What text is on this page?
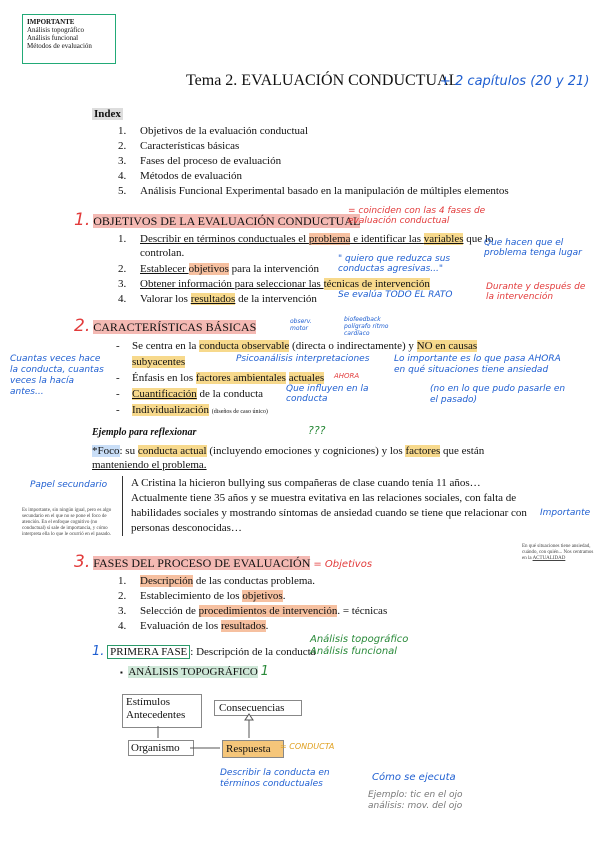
IMPORTANTE
Análisis topográfico
Análisis funcional
Métodos de evaluación
Tema 2. EVALUACIÓN CONDUCTUAL
+ 2 capítulos (20 y 21)
Index
1. Objetivos de la evaluación conductual
2. Características básicas
3. Fases del proceso de evaluación
4. Métodos de evaluación
5. Análisis Funcional Experimental basado en la manipulación de múltiples elementos
1. OBJETIVOS DE LA EVALUACIÓN CONDUCTUAL
= coinciden con las 4 fases de evaluación conductual
1. Describir en términos conductuales el problema e identificar las variables que lo controlan.
2. Establecer objetivos para la intervención
3. Obtener información para seleccionar las técnicas de intervención
4. Valorar los resultados de la intervención
Que hacen que el problema tenga lugar
" quiero que reduzca sus conductas agresivas..."
Se evalúa TODO EL RATO
Durante y después de la intervención
2. CARACTERÍSTICAS BÁSICAS	observ. motor
biofeedback polígrafo ritmo cardíaco
Cuantas veces hace la conducta, cuantas veces la hacía antes...
- Se centra en la conducta observable (directa o indirectamente) y NO en causas
subyacentes
- Énfasis en los factores ambientales actuales
- Cuantificación de la conducta
- Individualización (diseños de caso único)
Psicoanálisis interpretaciones
AHORA
Que influyen en la conducta
Lo importante es lo que pasa AHORA en qué situaciones tiene ansiedad
(no en lo que pudo pasarle en el pasado)
Ejemplo para reflexionar	???
*Foco: su conducta actual (incluyendo emociones y cogniciones) y los factores que están
manteniendo el problema.
Papel secundario
Es importante, sin ningún igual, pero es algo secundario en el que no se pone el foco de atención. En el enfoque cognitivo (no conductual) sí sale de importancia, y cómo interpreta ella lo que le ocurrió en el pasado.
A Cristina la hicieron bullying sus compañeras de clase cuando tenía 11 años…
Actualmente tiene 35 años y se muestra evitativa en las relaciones sociales, con falta de habilidades sociales y mostrando síntomas de ansiedad cuando se tiene que relacionar con personas desconocidas…
Importante
En qué situaciones tiene ansiedad, cuándo, con quién... Nos centramos en la ACTUALIDAD
3. FASES DEL PROCESO DE EVALUACIÓN = Objetivos
1. Descripción de las conductas problema.
2. Establecimiento de los objetivos.
3. Selección de procedimientos de intervención. = técnicas
4. Evaluación de los resultados.
1. PRIMERA FASE : Descripción de la conducta
Análisis topográfico
Análisis funcional
▪ ANÁLISIS TOPOGRÁFICO 1
Estímulos
Antecedentes
Consecuencias
Organismo	Respuesta	= CONDUCTA
Describir la conducta en términos conductuales
Cómo se ejecuta
Ejemplo: tic en el ojo
análisis: mov. del ojo
